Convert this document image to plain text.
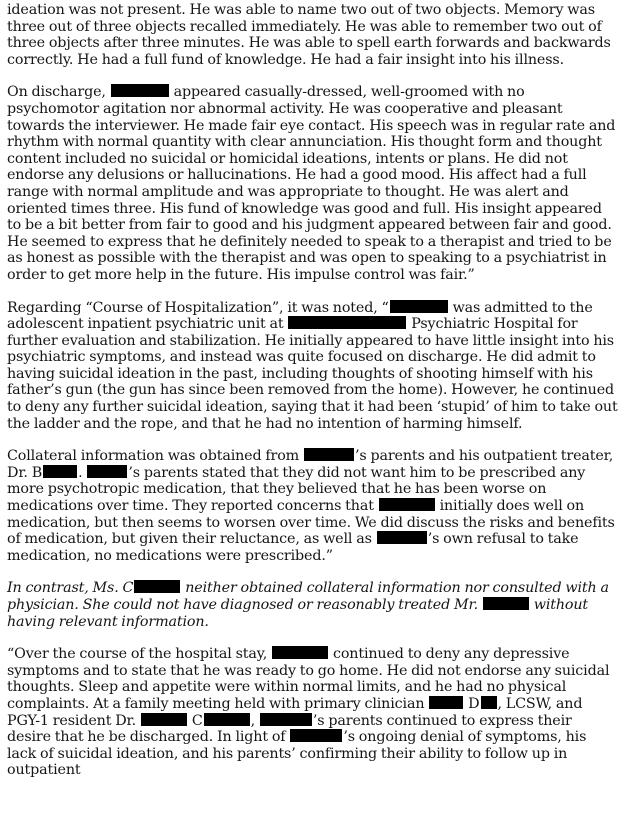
ideation was not present. He was able to name two out of two objects. Memory was three out of three objects recalled immediately. He was able to remember two out of three objects after three minutes. He was able to spell earth forwards and backwards correctly. He had a full fund of knowledge. He had a fair insight into his illness.

On discharge,	appeared casually-dressed, well-groomed with no psychomotor agitation nor abnormal activity. He was cooperative and pleasant towards the interviewer. He made fair eye contact. His speech was in regular rate and rhythm with normal quantity with clear annunciation. His thought form and thought content included no suicidal or homicidal ideations, intents or plans. He did not endorse any delusions or hallucinations. He had a good mood. His affect had a full range with normal amplitude and was appropriate to thought. He was alert and oriented times three. His fund of knowledge was good and full. His insight appeared to be a bit better from fair to good and his judgment appeared between fair and good. He seemed to express that he definitely needed to speak to a therapist and tried to be as honest as possible with the therapist and was open to speaking to a psychiatrist in order to get more help in the future. His impulse control was fair.”

Regarding “Course of Hospitalization”, it was noted, “	was admitted to the adolescent inpatient psychiatric unit at	Psychiatric Hospital for further evaluation and stabilization. He initially appeared to have little insight into his psychiatric symptoms, and instead was quite focused on discharge. He did admit to having suicidal ideation in the past, including thoughts of shooting himself with his father’s gun (the gun has since been removed from the home). However, he continued to deny any further suicidal ideation, saying that it had been ‘stupid’ of him to take out the ladder and the rope, and that he had no intention of harming himself.

Collateral information was obtained from	’s parents and his outpatient treater, Dr. B	.	’s parents stated that they did not want him to be prescribed any more psychotropic medication, that they believed that he has been worse on medications over time. They reported concerns that	initially does well on medication, but then seems to worsen over time. We did discuss the risks and benefits of medication, but given their reluctance, as well as	’s own refusal to take medication, no medications were prescribed.”

In contrast, Ms. C	neither obtained collateral information nor consulted with a physician. She could not have diagnosed or reasonably treated Mr.	without having relevant information.

“Over the course of the hospital stay,	continued to deny any depressive symptoms and to state that he was ready to go home. He did not endorse any suicidal thoughts. Sleep and appetite were within normal limits, and he had no physical complaints. At a family meeting held with primary clinician	D , LCSW, and PGY-1 resident Dr.	C	,	’s parents continued to express their desire that he be discharged. In light of	’s ongoing denial of symptoms, his lack of suicidal ideation, and his parents’ confirming their ability to follow up in outpatient
